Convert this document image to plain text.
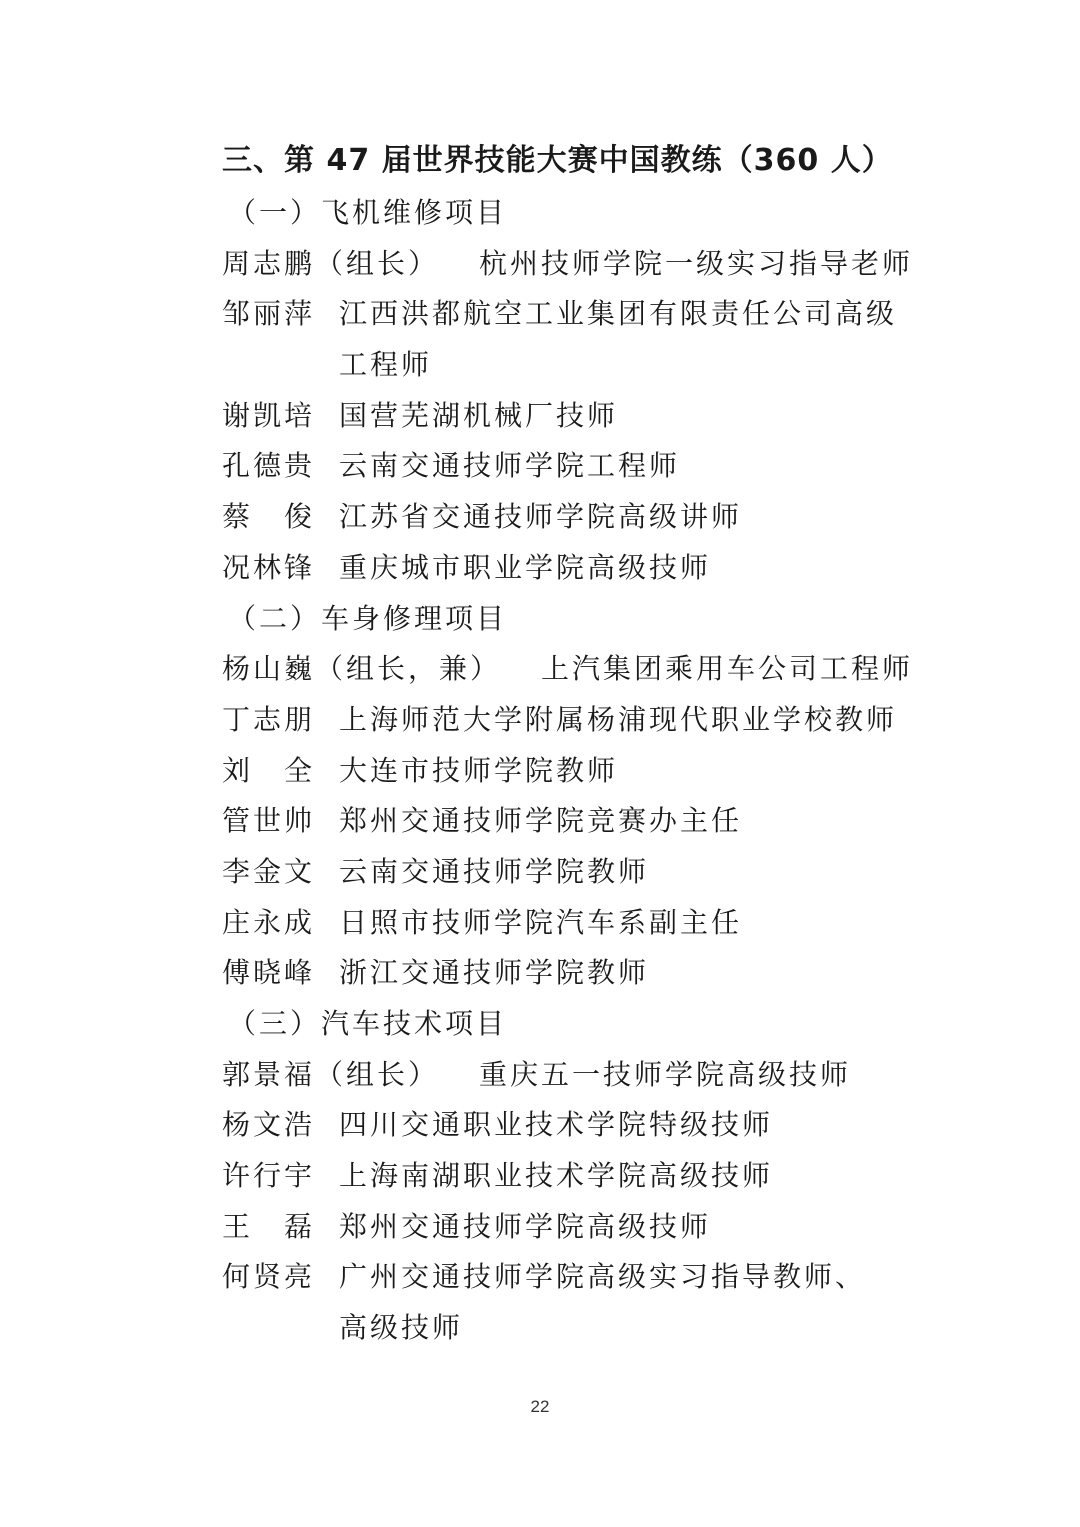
三、第 47 届世界技能大赛中国教练（360 人）
（一）飞机维修项目
周志鹏（组长） 杭州技师学院一级实习指导老师
邹丽萍 江西洪都航空工业集团有限责任公司高级
工程师
谢凯培 国营芜湖机械厂技师
孔德贵 云南交通技师学院工程师
蔡　俊 江苏省交通技师学院高级讲师
况林锋 重庆城市职业学院高级技师
（二）车身修理项目
杨山巍（组长，兼） 上汽集团乘用车公司工程师
丁志朋 上海师范大学附属杨浦现代职业学校教师
刘　全 大连市技师学院教师
管世帅 郑州交通技师学院竞赛办主任
李金文 云南交通技师学院教师
庄永成 日照市技师学院汽车系副主任
傅晓峰 浙江交通技师学院教师
（三）汽车技术项目
郭景福（组长） 重庆五一技师学院高级技师
杨文浩 四川交通职业技术学院特级技师
许行宇 上海南湖职业技术学院高级技师
王　磊 郑州交通技师学院高级技师
何贤亮 广州交通技师学院高级实习指导教师、
高级技师
22
